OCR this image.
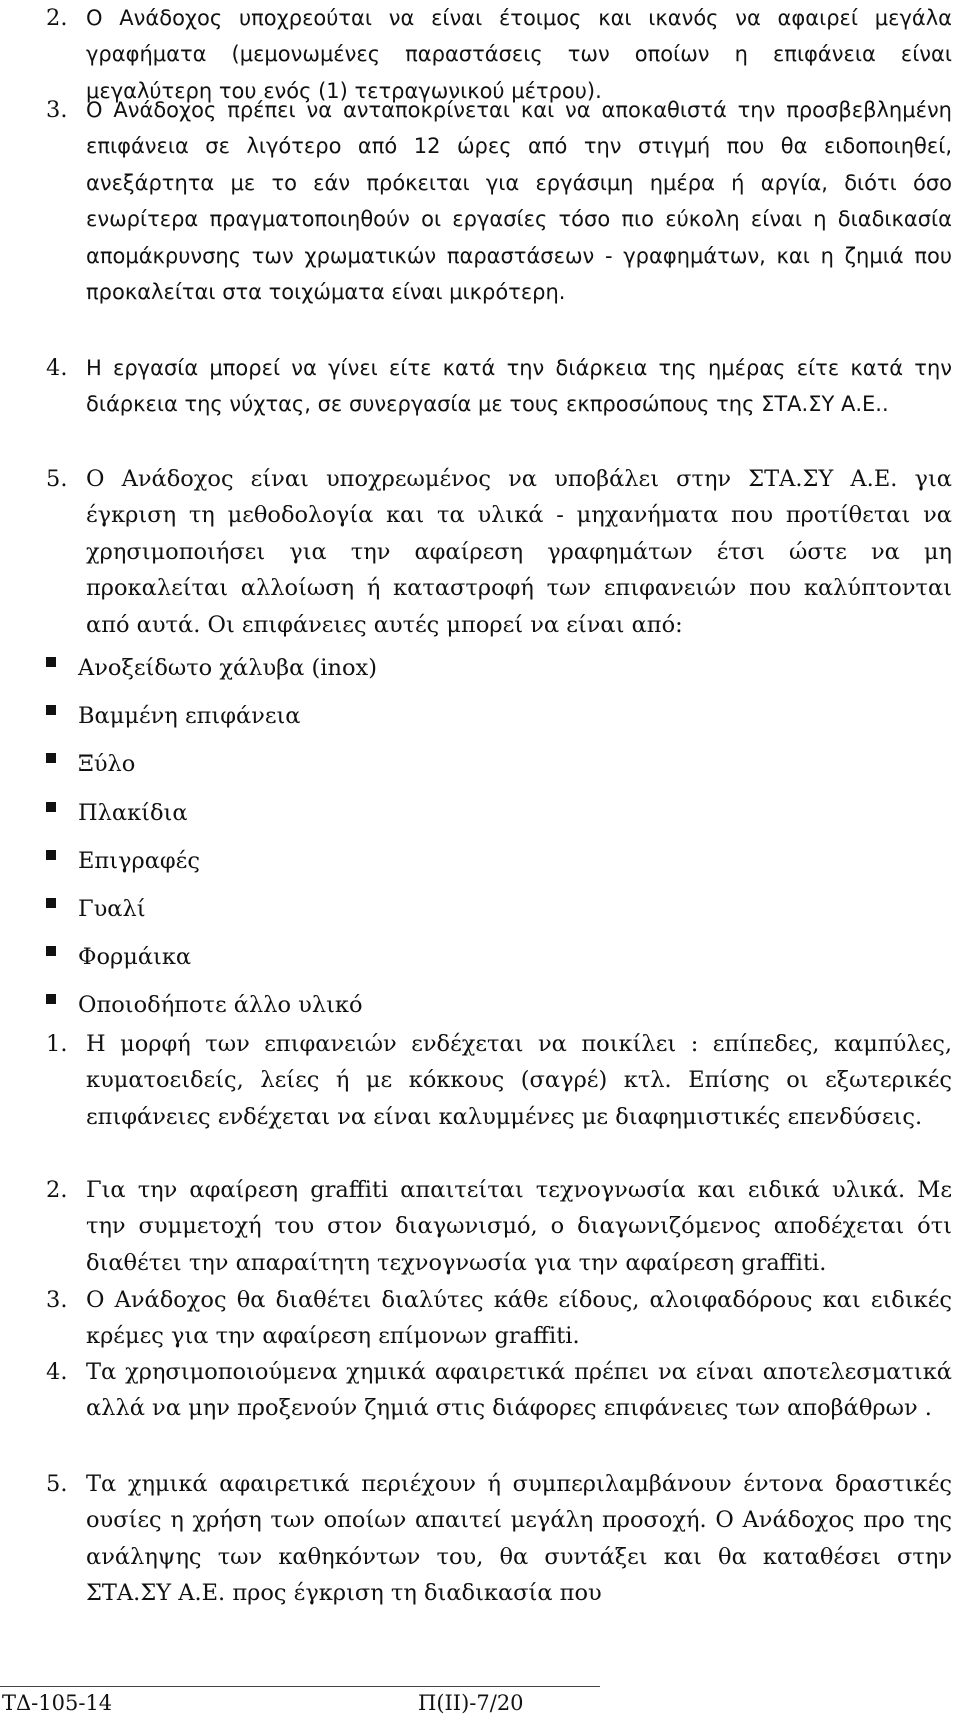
2. Ο Ανάδοχος υποχρεούται να είναι έτοιμος και ικανός να αφαιρεί μεγάλα γραφήματα (μεμονωμένες παραστάσεις των οποίων η επιφάνεια είναι μεγαλύτερη του ενός (1) τετραγωνικού μέτρου).
3. Ο Ανάδοχος πρέπει να ανταποκρίνεται και να αποκαθιστά την προσβεβλημένη επιφάνεια σε λιγότερο από 12 ώρες από την στιγμή που θα ειδοποιηθεί, ανεξάρτητα με το εάν πρόκειται για εργάσιμη ημέρα ή αργία, διότι όσο ενωρίτερα πραγματοποιηθούν οι εργασίες τόσο πιο εύκολη είναι η διαδικασία απομάκρυνσης των χρωματικών παραστάσεων - γραφημάτων, και η ζημιά που προκαλείται στα τοιχώματα είναι μικρότερη.
4. Η εργασία μπορεί να γίνει είτε κατά την διάρκεια της ημέρας είτε κατά την διάρκεια της νύχτας, σε συνεργασία με τους εκπροσώπους της ΣΤΑ.ΣΥ Α.Ε..
5. Ο Ανάδοχος είναι υποχρεωμένος να υποβάλει στην ΣΤΑ.ΣΥ Α.Ε. για έγκριση τη μεθοδολογία και τα υλικά - μηχανήματα που προτίθεται να χρησιμοποιήσει για την αφαίρεση γραφημάτων έτσι ώστε να μη προκαλείται αλλοίωση ή καταστροφή των επιφανειών που καλύπτονται από αυτά. Οι επιφάνειες αυτές μπορεί να είναι από:
Ανοξείδωτο χάλυβα (inox)
Βαμμένη επιφάνεια
Ξύλο
Πλακίδια
Επιγραφές
Γυαλί
Φορμάικα
Οποιοδήποτε άλλο υλικό
1. Η μορφή των επιφανειών ενδέχεται να ποικίλει : επίπεδες, καμπύλες, κυματοειδείς, λείες ή με κόκκους (σαγρέ) κτλ. Επίσης οι εξωτερικές επιφάνειες ενδέχεται να είναι καλυμμένες με διαφημιστικές επενδύσεις.
2. Για την αφαίρεση graffiti απαιτείται τεχνογνωσία και ειδικά υλικά. Με την συμμετοχή του στον διαγωνισμό, ο διαγωνιζόμενος αποδέχεται ότι διαθέτει την απαραίτητη τεχνογνωσία για την αφαίρεση graffiti.
3. Ο Ανάδοχος θα διαθέτει διαλύτες κάθε είδους, αλοιφαδόρους και ειδικές κρέμες για την αφαίρεση επίμονων graffiti.
4. Τα χρησιμοποιούμενα χημικά αφαιρετικά πρέπει να είναι αποτελεσματικά αλλά να μην προξενούν ζημιά στις διάφορες επιφάνειες των αποβάθρων .
5. Τα χημικά αφαιρετικά περιέχουν ή συμπεριλαμβάνουν έντονα δραστικές ουσίες η χρήση των οποίων απαιτεί μεγάλη προσοχή. Ο Ανάδοχος προ της ανάληψης των καθηκόντων του, θα συντάξει και θα καταθέσει στην ΣΤΑ.ΣΥ Α.Ε. προς έγκριση τη διαδικασία που
ΤΔ-105-14	Π(ΙΙ)-7/20
